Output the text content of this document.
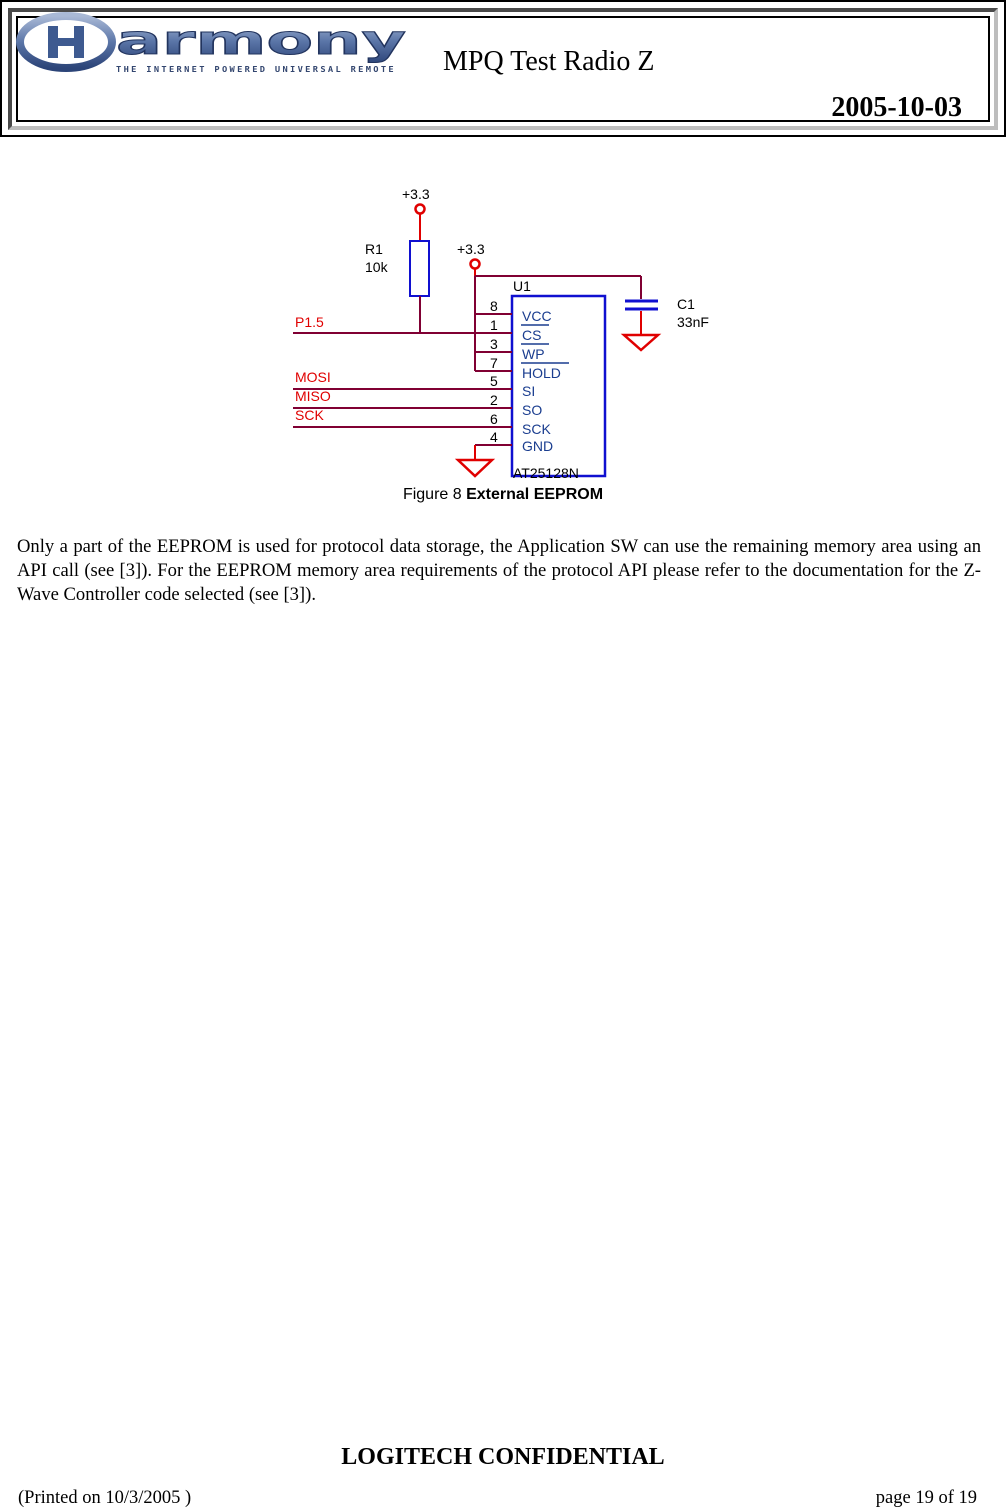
armony
THE INTERNET POWERED UNIVERSAL REMOTE MPQ Test Radio Z
2005-10-03
+3.3
R1
10k
+3.3
C1
33nF
U1
AT25128N
8
1
3
7
5
2
6
4
VCC
CS
WP
HOLD
SI
SO
SCK
GND
P1.5
MOSI
MISO
SCK
Figure 8 External EEPROM

Only a part of the EEPROM is used for protocol data storage, the Application SW can use the remaining memory area using an API call (see [3]). For the EEPROM memory area requirements of the protocol API please refer to the documentation for the Z-Wave Controller code selected (see [3]).

LOGITECH CONFIDENTIAL
(Printed on 10/3/2005 )	page 19 of 19
